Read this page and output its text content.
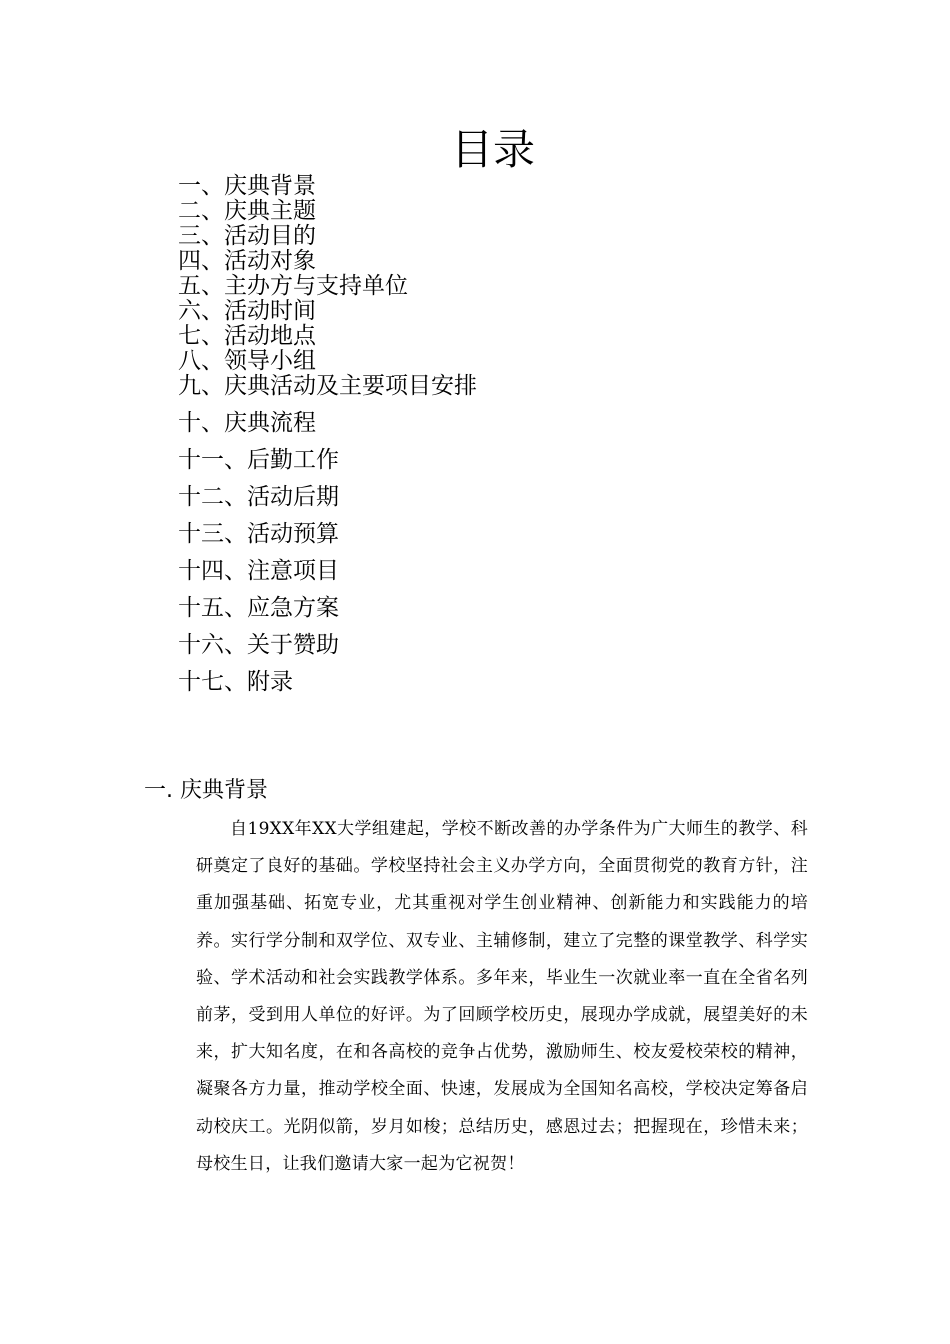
目录
一、庆典背景
二、庆典主题
三、活动目的
四、活动对象
五、主办方与支持单位
六、活动时间
七、活动地点
八、领导小组
九、庆典活动及主要项目安排
十、庆典流程
十一、后勤工作
十二、活动后期
十三、活动预算
十四、注意项目
十五、应急方案
十六、关于赞助
十七、附录
一. 庆典背景

自19XX年XX大学组建起，学校不断改善的办学条件为广大师生的教学、科研奠定了良好的基础。学校坚持社会主义办学方向，全面贯彻党的教育方针，注重加强基础、拓宽专业，尤其重视对学生创业精神、创新能力和实践能力的培养。实行学分制和双学位、双专业、主辅修制，建立了完整的课堂教学、科学实验、学术活动和社会实践教学体系。多年来，毕业生一次就业率一直在全省名列前茅，受到用人单位的好评。为了回顾学校历史，展现办学成就，展望美好的未来，扩大知名度，在和各高校的竞争占优势，激励师生、校友爱校荣校的精神，凝聚各方力量，推动学校全面、快速，发展成为全国知名高校，学校决定筹备启动校庆工。光阴似箭，岁月如梭；总结历史，感恩过去；把握现在，珍惜未来；母校生日，让我们邀请大家一起为它祝贺！
